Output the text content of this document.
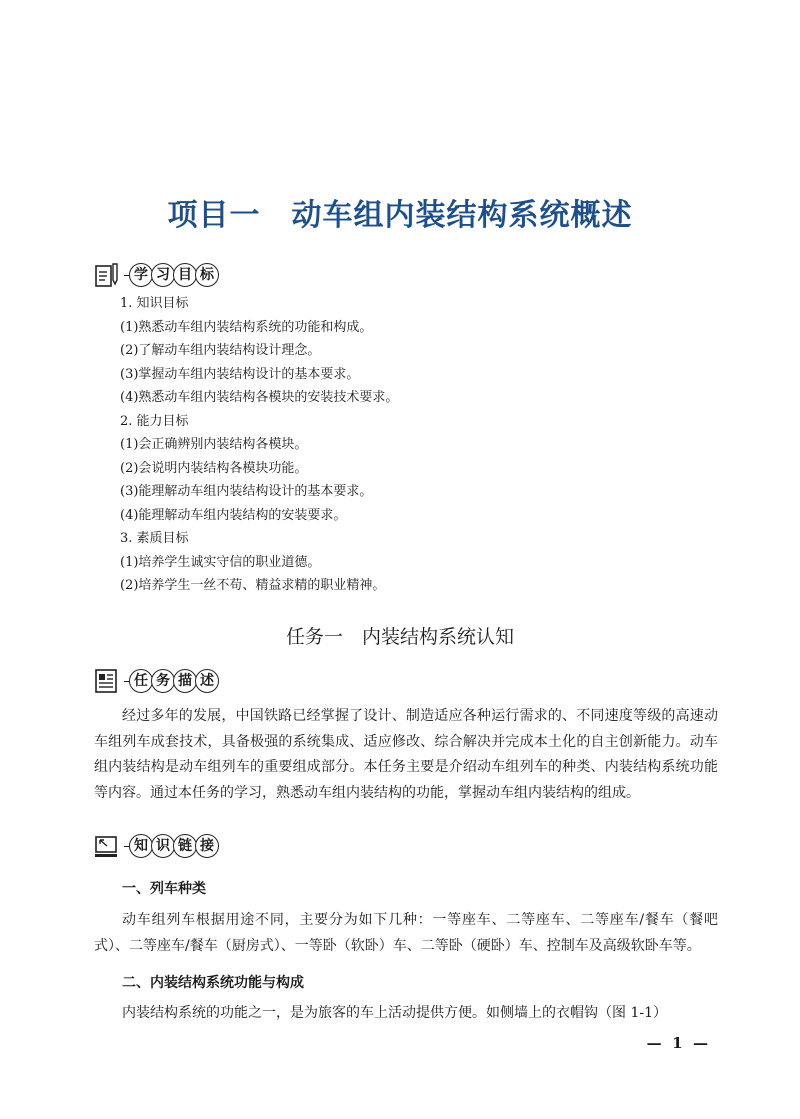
项目一　动车组内装结构系统概述
学 习 目 标
1. 知识目标
(1)熟悉动车组内装结构系统的功能和构成。
(2)了解动车组内装结构设计理念。
(3)掌握动车组内装结构设计的基本要求。
(4)熟悉动车组内装结构各模块的安装技术要求。
2. 能力目标
(1)会正确辨别内装结构各模块。
(2)会说明内装结构各模块功能。
(3)能理解动车组内装结构设计的基本要求。
(4)能理解动车组内装结构的安装要求。
3. 素质目标
(1)培养学生诚实守信的职业道德。
(2)培养学生一丝不苟、精益求精的职业精神。
任务一　内装结构系统认知
任 务 描 述
经过多年的发展，中国铁路已经掌握了设计、制造适应各种运行需求的、不同速度等级的高速动车组列车成套技术，具备极强的系统集成、适应修改、综合解决并完成本土化的自主创新能力。动车组内装结构是动车组列车的重要组成部分。本任务主要是介绍动车组列车的种类、内装结构系统功能等内容。通过本任务的学习，熟悉动车组内装结构的功能，掌握动车组内装结构的组成。
知 识 链 接
一、列车种类
动车组列车根据用途不同，主要分为如下几种：一等座车、二等座车、二等座车/餐车（餐吧式）、二等座车/餐车（厨房式）、一等卧（软卧）车、二等卧（硬卧）车、控制车及高级软卧车等。
二、内装结构系统功能与构成
内装结构系统的功能之一，是为旅客的车上活动提供方便。如侧墙上的衣帽钩（图 1-1）
—  1  —
